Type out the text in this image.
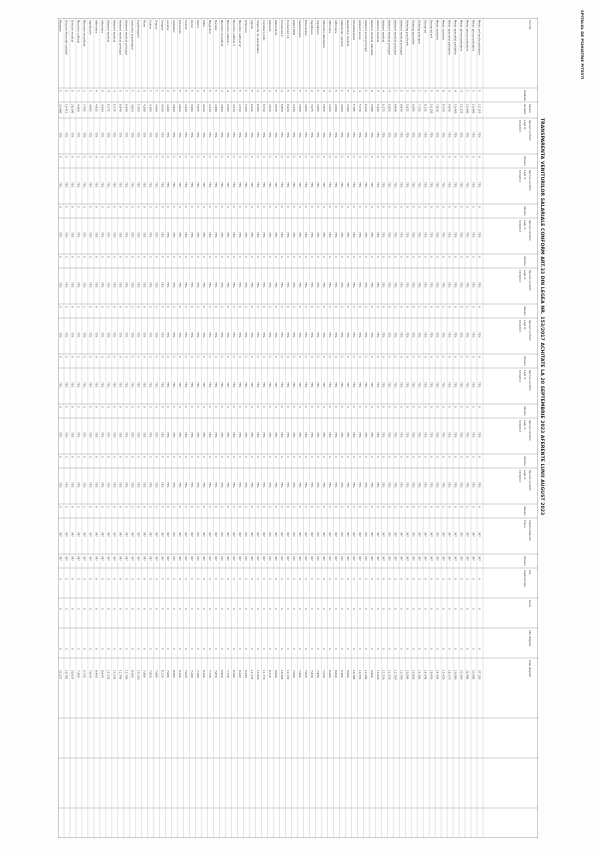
SPITALUL DE PSIHIATRIE PITESTI
TRANSPARENTA VENITURILOR SALARIALE CONFORM ART.33 DIN LEGEA NR. 153/2017 ACHITATE LA 20 SEPTEMBRIE 2023 AFERENTE LUNII AUGUST 2023
Functia
Gradatie
Salariu
de baza
Sporuri conform
Legii nr.
153/2017
Valoare
Sporuri conform
Legii nr.
153/2017
Valoare
Sporuri conform
Legii nr.
153/2017
Valoare
Sporuri conform
Legii nr.
153/2017
Valoare
Sporuri conform
Legii nr.
153/2017
Valoare
Sporuri conform
Legii nr.
153/2017
Valoare
Sporuri conform
Legii nr.
153/2017
Valoare
Sporuri conform
Legii nr.
153/2017
Valoare
Indemnizatie de
hrana
Valoare
Ore
suplimentare
Garzi
Alte drepturi
Total drepturi
Medic sef sectie psihiatrie
5
15.110
75%
0
75%
0
75%
0
75%
0
75%
0
75%
0
75%
0
75%
0
347
347
0
0
0
27.150
Medic primar psihiatrie
5
12.690
75%
0
75%
0
75%
0
75%
0
75%
0
75%
0
75%
0
75%
0
347
347
0
0
0
22.980
Medic primar psihiatrie
5
12.690
75%
0
75%
0
75%
0
75%
0
75%
0
75%
0
75%
0
75%
0
347
347
0
0
0
22.980
Medic primar psihiatrie
4
12.335
75%
0
75%
0
75%
0
75%
0
75%
0
75%
0
75%
0
75%
0
347
347
0
0
0
22.360
Medic specialist psihiatrie
4
10.460
75%
0
75%
0
75%
0
75%
0
75%
0
75%
0
75%
0
75%
0
347
347
0
0
0
19.080
Medic specialist psihiatrie
3
9.940
75%
0
75%
0
75%
0
75%
0
75%
0
75%
0
75%
0
75%
0
347
347
0
0
0
18.170
Medic rezident
0
8.370
75%
0
75%
0
75%
0
75%
0
75%
0
75%
0
75%
0
75%
0
347
347
0
0
0
15.430
Medic rezident
0
7.810
75%
0
75%
0
75%
0
75%
0
75%
0
75%
0
75%
0
75%
0
347
347
0
0
0
14.450
Farmacist sef
5
10.130
75%
0
75%
0
75%
0
75%
0
75%
0
75%
0
75%
0
75%
0
347
347
0
0
0
18.450
Farmacist
4
8.115
75%
0
75%
0
75%
0
75%
0
75%
0
75%
0
75%
0
75%
0
347
347
0
0
0
14.940
Psiholog principal
5
7.725
75%
0
75%
0
75%
0
75%
0
75%
0
75%
0
75%
0
75%
0
347
347
0
0
0
14.260
Psiholog specialist
5
6.905
75%
0
75%
0
75%
0
75%
0
75%
0
75%
0
75%
0
75%
0
347
347
0
0
0
12.820
Psiholog practicant
3
5.625
75%
0
75%
0
75%
0
75%
0
75%
0
75%
0
75%
0
75%
0
347
347
0
0
0
10.580
Asistent medical principal
5
6.840
75%
0
75%
0
75%
0
75%
0
75%
0
75%
0
75%
0
75%
0
347
347
0
0
0
12.700
Asistent medical principal
5
6.840
75%
0
75%
0
75%
0
75%
0
75%
0
75%
0
75%
0
75%
0
347
347
0
0
0
12.700
Asistent medical principal
4
6.655
75%
0
75%
0
75%
0
75%
0
75%
0
75%
0
75%
0
75%
0
347
347
0
0
0
12.370
Asistent medical
4
6.175
75%
0
75%
0
75%
0
75%
0
75%
0
75%
0
75%
0
75%
0
347
347
0
0
0
11.530
Asistent medical
3
5.920
75%
0
75%
0
75%
0
75%
0
75%
0
75%
0
75%
0
75%
0
347
347
0
0
0
11.090
Asistent medical debutant
0
5.080
75%
0
75%
0
75%
0
75%
0
75%
0
75%
0
75%
0
75%
0
347
347
0
0
0
9.600
Asistent social principal
5
6.140
75%
0
75%
0
75%
0
75%
0
75%
0
75%
0
75%
0
75%
0
347
347
0
0
0
11.400
Asistent social
4
5.530
75%
0
75%
0
75%
0
75%
0
75%
0
75%
0
75%
0
75%
0
347
347
0
0
0
10.330
Kinetoterapeut
4
5.785
75%
0
75%
0
75%
0
75%
0
75%
0
75%
0
75%
0
75%
0
347
347
0
0
0
10.780
Registrator medical
5
4.760
75%
0
75%
0
75%
0
75%
0
75%
0
75%
0
75%
0
75%
0
347
347
0
0
0
8.960
Statistician medical
5
4.990
75%
0
75%
0
75%
0
75%
0
75%
0
75%
0
75%
0
75%
0
347
347
0
0
0
9.360
Infirmiera
5
4.560
75%
0
75%
0
75%
0
75%
0
75%
0
75%
0
75%
0
75%
0
347
347
0
0
0
8.640
Infirmiera
4
4.425
75%
0
75%
0
75%
0
75%
0
75%
0
75%
0
75%
0
75%
0
347
347
0
0
0
8.400
Infirmiera debutanta
0
3.935
75%
0
75%
0
75%
0
75%
0
75%
0
75%
0
75%
0
75%
0
347
347
0
0
0
7.540
Ingrijitoare
5
4.095
75%
0
75%
0
75%
0
75%
0
75%
0
75%
0
75%
0
75%
0
347
347
0
0
0
7.830
Ingrijitoare
4
3.975
75%
0
75%
0
75%
0
75%
0
75%
0
75%
0
75%
0
75%
0
347
347
0
0
0
7.620
Brancardier
5
4.095
75%
0
75%
0
75%
0
75%
0
75%
0
75%
0
75%
0
75%
0
347
347
0
0
0
7.830
Spalatoreasa
5
3.990
75%
0
75%
0
75%
0
75%
0
75%
0
75%
0
75%
0
75%
0
347
347
0
0
0
7.660
Agent DDD
5
4.130
75%
0
75%
0
75%
0
75%
0
75%
0
75%
0
75%
0
75%
0
347
347
0
0
0
7.900
Economist I A
5
6.920
75%
0
75%
0
75%
0
75%
0
75%
0
75%
0
75%
0
75%
0
347
347
0
0
0
12.130
Economist II
4
5.850
75%
0
75%
0
75%
0
75%
0
75%
0
75%
0
75%
0
75%
0
347
347
0
0
0
10.460
Referent IA
5
4.975
75%
0
75%
0
75%
0
75%
0
75%
0
75%
0
75%
0
75%
0
347
347
0
0
0
8.990
Referent
4
4.520
75%
0
75%
0
75%
0
75%
0
75%
0
75%
0
75%
0
75%
0
347
347
0
0
0
8.210
Consilier juridic
5
6.710
75%
0
75%
0
75%
0
75%
0
75%
0
75%
0
75%
0
75%
0
347
347
0
0
0
11.770
Inspector de specialitate
4
6.295
75%
0
75%
0
75%
0
75%
0
75%
0
75%
0
75%
0
75%
0
347
347
0
0
0
11.060
Inginer
5
6.415
75%
0
75%
0
75%
0
75%
0
75%
0
75%
0
75%
0
75%
0
347
347
0
0
0
11.270
Tehnician
5
5.305
75%
0
75%
0
75%
0
75%
0
75%
0
75%
0
75%
0
75%
0
347
347
0
0
0
9.440
Muncitor calificat IV
5
4.710
75%
0
75%
0
75%
0
75%
0
75%
0
75%
0
75%
0
75%
0
347
347
0
0
0
8.440
Muncitor calificat II
5
4.510
75%
0
75%
0
75%
0
75%
0
75%
0
75%
0
75%
0
75%
0
347
347
0
0
0
8.100
Muncitor calificat I
4
4.295
75%
0
75%
0
75%
0
75%
0
75%
0
75%
0
75%
0
75%
0
347
347
0
0
0
7.730
Muncitor necalificat
3
3.840
75%
0
75%
0
75%
0
75%
0
75%
0
75%
0
75%
0
75%
0
347
347
0
0
0
6.950
Bucatar
5
4.380
75%
0
75%
0
75%
0
75%
0
75%
0
75%
0
75%
0
75%
0
347
347
0
0
0
7.850
Magaziner
5
4.310
75%
0
75%
0
75%
0
75%
0
75%
0
75%
0
75%
0
75%
0
347
347
0
0
0
7.730
Sofer
5
4.510
75%
0
75%
0
75%
0
75%
0
75%
0
75%
0
75%
0
75%
0
347
347
0
0
0
8.100
Paznic
4
3.975
75%
0
75%
0
75%
0
75%
0
75%
0
75%
0
75%
0
75%
0
347
347
0
0
0
7.160
Portar
5
3.990
75%
0
75%
0
75%
0
75%
0
75%
0
75%
0
75%
0
75%
0
347
347
0
0
0
7.180
Fochist
5
4.420
75%
0
75%
0
75%
0
75%
0
75%
0
75%
0
75%
0
75%
0
347
347
0
0
0
7.920
Electrician
5
4.620
75%
0
75%
0
75%
0
75%
0
75%
0
75%
0
75%
0
75%
0
347
347
0
0
0
8.260
Instalator
5
4.620
75%
0
75%
0
75%
0
75%
0
75%
0
75%
0
75%
0
75%
0
347
347
0
0
0
8.260
Lacatus
4
4.460
75%
0
75%
0
75%
0
75%
0
75%
0
75%
0
75%
0
75%
0
347
347
0
0
0
7.980
Tamplar
5
4.540
75%
0
75%
0
75%
0
75%
0
75%
0
75%
0
75%
0
75%
0
347
347
0
0
0
8.120
Zugrav
5
4.460
75%
0
75%
0
75%
0
75%
0
75%
0
75%
0
75%
0
75%
0
347
347
0
0
0
7.980
Croitor
5
4.380
75%
0
75%
0
75%
0
75%
0
75%
0
75%
0
75%
0
75%
0
347
347
0
0
0
7.850
Frizer
5
4.280
75%
0
75%
0
75%
0
75%
0
75%
0
75%
0
75%
0
75%
0
347
347
0
0
0
7.680
Ergoterapeut
4
5.790
75%
0
75%
0
75%
0
75%
0
75%
0
75%
0
75%
0
75%
0
347
347
0
0
0
10.190
Instructor ergoterapie
5
4.650
75%
0
75%
0
75%
0
75%
0
75%
0
75%
0
75%
0
75%
0
347
347
0
0
0
8.300
Asistent medical principal
5
6.840
75%
0
75%
0
75%
0
75%
0
75%
0
75%
0
75%
0
75%
0
347
347
0
0
0
12.700
Asistent medical principal
5
6.840
75%
0
75%
0
75%
0
75%
0
75%
0
75%
0
75%
0
75%
0
347
347
0
0
0
12.700
Asistent medical
4
6.175
75%
0
75%
0
75%
0
75%
0
75%
0
75%
0
75%
0
75%
0
347
347
0
0
0
11.530
Asistent medical
4
6.175
75%
0
75%
0
75%
0
75%
0
75%
0
75%
0
75%
0
75%
0
347
347
0
0
0
11.530
Infirmiera
5
4.560
75%
0
75%
0
75%
0
75%
0
75%
0
75%
0
75%
0
75%
0
347
347
0
0
0
8.640
Infirmiera
4
4.425
75%
0
75%
0
75%
0
75%
0
75%
0
75%
0
75%
0
75%
0
347
347
0
0
0
8.400
Ingrijitoare
5
4.095
75%
0
75%
0
75%
0
75%
0
75%
0
75%
0
75%
0
75%
0
347
347
0
0
0
7.830
Muncitor necalificat
3
3.705
75%
0
75%
0
75%
0
75%
0
75%
0
75%
0
75%
0
75%
0
347
347
0
0
0
6.720
Muncitor calificat
5
4.460
75%
0
75%
0
75%
0
75%
0
75%
0
75%
0
75%
0
75%
0
347
347
0
0
0
7.980
Director medical
5
20.290
75%
0
75%
0
75%
0
75%
0
75%
0
75%
0
75%
0
75%
0
347
347
0
0
0
20.637
Director financiar-contabil
5
19.415
75%
0
75%
0
75%
0
75%
0
75%
0
75%
0
75%
0
75%
0
347
347
0
0
0
19.762
Manager
5
22.880
75%
0
75%
0
75%
0
75%
0
75%
0
75%
0
75%
0
75%
0
347
347
0
0
0
23.227
